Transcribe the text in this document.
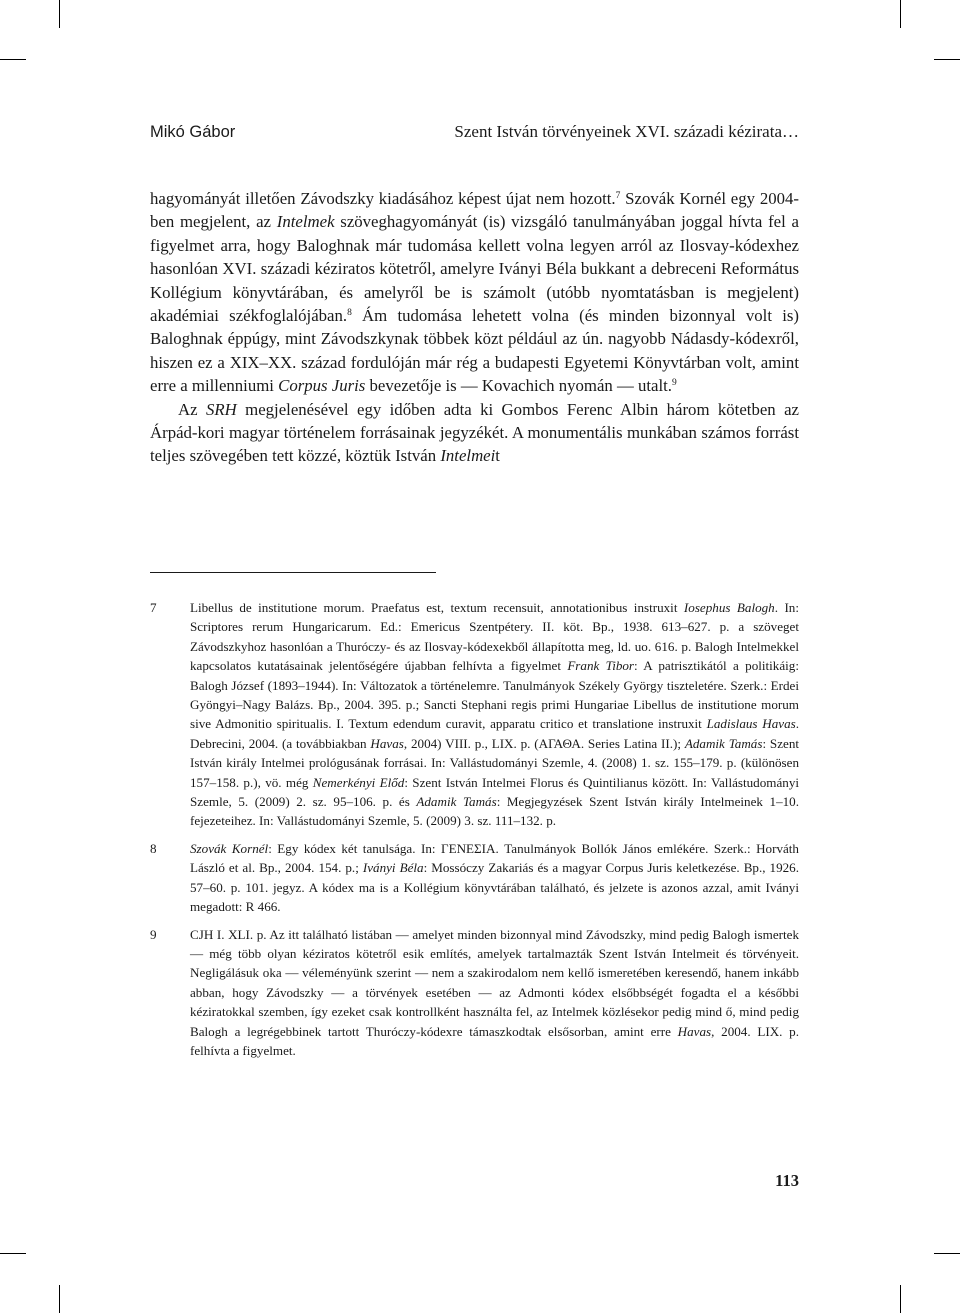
Mikó Gábor	Szent István törvényeinek XVI. századi kézirata…

hagyományát illetően Závodszky kiadásához képest újat nem hozott.$^7$ Szovák Kornél egy 2004-ben megjelent, az Intelmek szöveghagyományát (is) vizsgáló tanulmányában joggal hívta fel a figyelmet arra, hogy Baloghnak már tudomása kellett volna legyen arról az Ilosvay-kódexhez hasonlóan XVI. századi kéziratos kötetről, amelyre Iványi Béla bukkant a debreceni Református Kollégium könyvtárában, és amelyről be is számolt (utóbb nyomtatásban is megjelent) akadémiai székfoglalójában.$^8$ Ám tudomása lehetett volna (és minden bizonnyal volt is) Baloghnak éppúgy, mint Závodszkynak többek közt például az ún. nagyobb Nádasdy-kódexről, hiszen ez a XIX–XX. század fordulóján már rég a budapesti Egyetemi Könyvtárban volt, amint erre a millenniumi Corpus Juris bevezetője is — Kovachich nyomán — utalt.$^9$

Az SRH megjelenésével egy időben adta ki Gombos Ferenc Albin három kötetben az Árpád-kori magyar történelem forrásainak jegyzékét. A monumentális munkában számos forrást teljes szövegében tett közzé, köztük István Intelmeit

7	Libellus de institutione morum. Praefatus est, textum recensuit, annotationibus instruxit Iosephus Balogh. In: Scriptores rerum Hungaricarum. Ed.: Emericus Szentpétery. II. köt. Bp., 1938. 613–627. p. a szöveget Závodszkyhoz hasonlóan a Thuróczy- és az Ilosvay-kódexekből állapította meg, ld. uo. 616. p. Balogh Intelmekkel kapcsolatos kutatásainak jelentőségére újabban felhívta a figyelmet Frank Tibor: A patrisztikától a politikáig: Balogh József (1893–1944). In: Változatok a történelemre. Tanulmányok Székely György tiszteletére. Szerk.: Erdei Gyöngyi–Nagy Balázs. Bp., 2004. 395. p.; Sancti Stephani regis primi Hungariae Libellus de institutione morum sive Admonitio spiritualis. I. Textum edendum curavit, apparatu critico et translatione instruxit Ladislaus Havas. Debrecini, 2004. (a továbbiakban Havas, 2004) VIII. p., LIX. p. (ΑΓΑΘΑ. Series Latina II.); Adamik Tamás: Szent István király Intelmei prológusának forrásai. In: Vallástudományi Szemle, 4. (2008) 1. sz. 155–179. p. (különösen 157–158. p.), vö. még Nemerkényi Előd: Szent István Intelmei Florus és Quintilianus között. In: Vallástudományi Szemle, 5. (2009) 2. sz. 95–106. p. és Adamik Tamás: Megjegyzések Szent István király Intelmeinek 1–10. fejezeteihez. In: Vallástudományi Szemle, 5. (2009) 3. sz. 111–132. p.
8	Szovák Kornél: Egy kódex két tanulsága. In: ΓΕΝΕΣΙΑ. Tanulmányok Bollók János emlékére. Szerk.: Horváth László et al. Bp., 2004. 154. p.; Iványi Béla: Mossóczy Zakariás és a magyar Corpus Juris keletkezése. Bp., 1926. 57–60. p. 101. jegyz. A kódex ma is a Kollégium könyvtárában található, és jelzete is azonos azzal, amit Iványi megadott: R 466.
9	CJH I. XLI. p. Az itt található listában — amelyet minden bizonnyal mind Závodszky, mind pedig Balogh ismertek — még több olyan kéziratos kötetről esik említés, amelyek tartalmazták Szent István Intelmeit és törvényeit. Negligálásuk oka — véleményünk szerint — nem a szakirodalom nem kellő ismeretében keresendő, hanem inkább abban, hogy Závodszky — a törvények esetében — az Admonti kódex elsőbbségét fogadta el a későbbi kéziratokkal szemben, így ezeket csak kontrollként használta fel, az Intelmek közlésekor pedig mind ő, mind pedig Balogh a legrégebbinek tartott Thuróczy-kódexre támaszkodtak elsősorban, amint erre Havas, 2004. LIX. p. felhívta a figyelmet.
113
